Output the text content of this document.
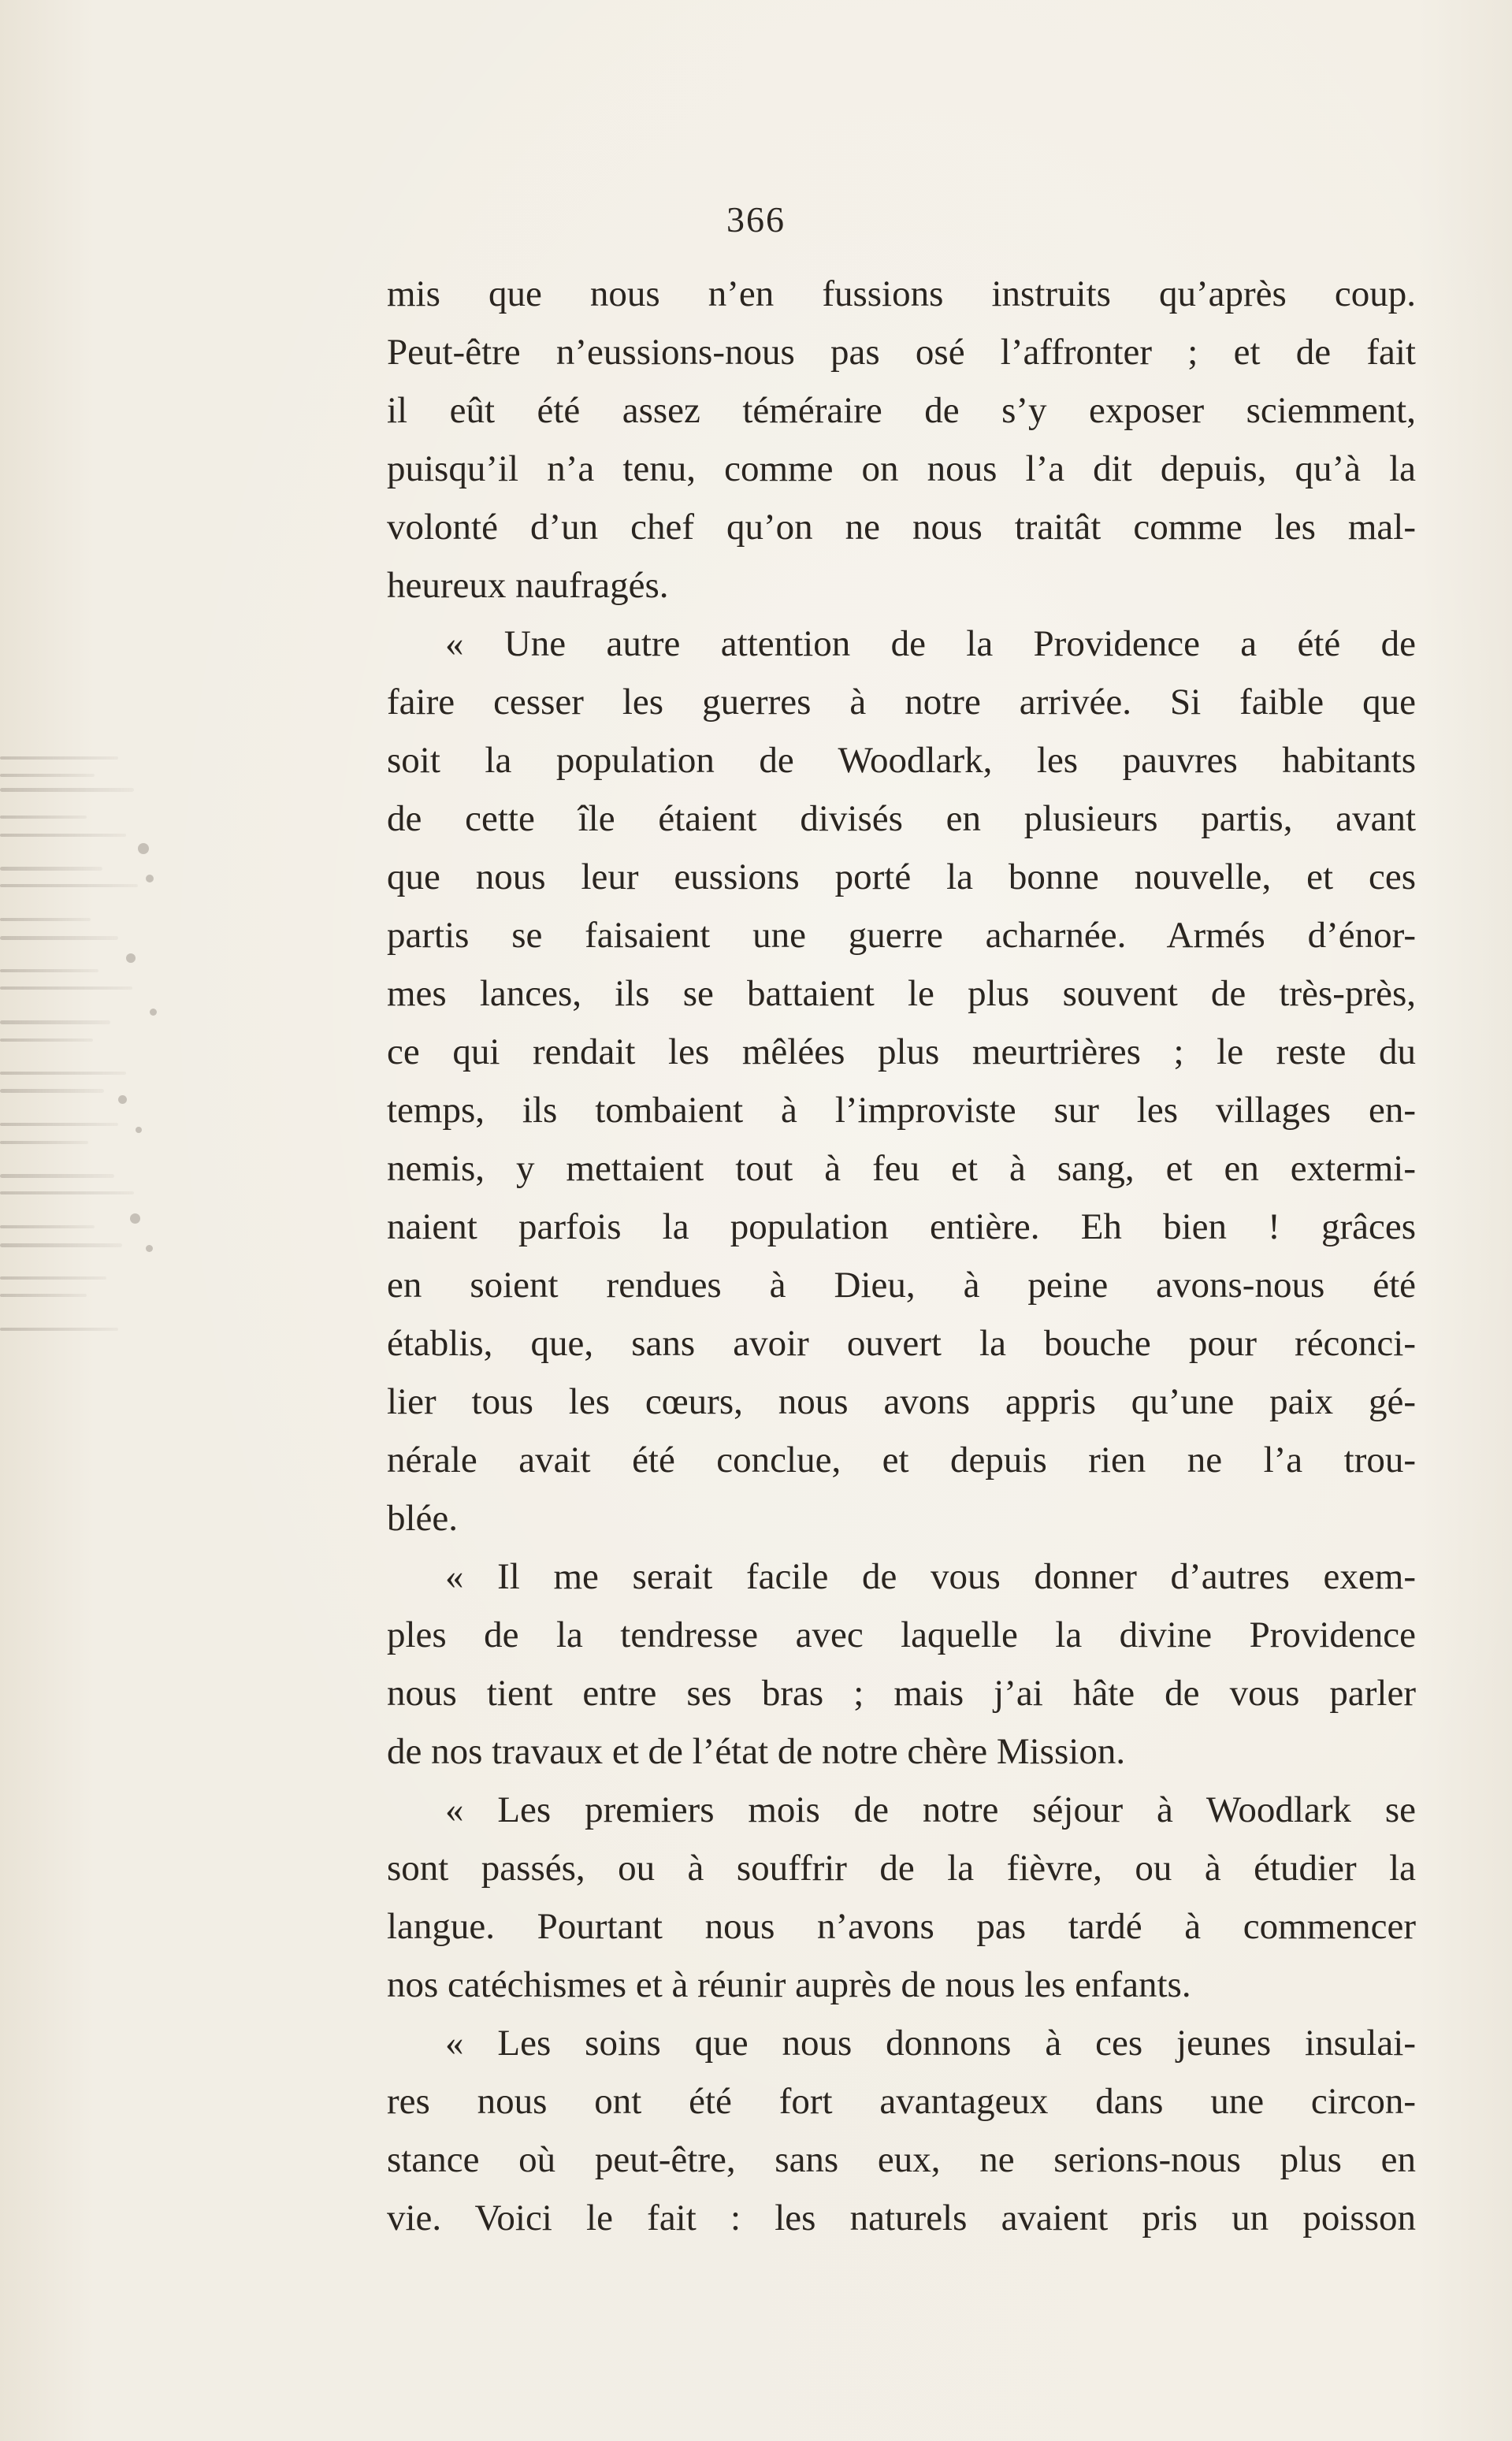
366
mis que nous n’en fussions instruits qu’après coup.
Peut-être n’eussions-nous pas osé l’affronter ; et de fait
il eût été assez téméraire de s’y exposer sciemment,
puisqu’il n’a tenu, comme on nous l’a dit depuis, qu’à la
volonté d’un chef qu’on ne nous traitât comme les mal-
heureux naufragés.
« Une autre attention de la Providence a été de
faire cesser les guerres à notre arrivée. Si faible que
soit la population de Woodlark, les pauvres habitants
de cette île étaient divisés en plusieurs partis, avant
que nous leur eussions porté la bonne nouvelle, et ces
partis se faisaient une guerre acharnée. Armés d’énor-
mes lances, ils se battaient le plus souvent de très-près,
ce qui rendait les mêlées plus meurtrières ; le reste du
temps, ils tombaient à l’improviste sur les villages en-
nemis, y mettaient tout à feu et à sang, et en extermi-
naient parfois la population entière. Eh bien ! grâces
en soient rendues à Dieu, à peine avons-nous été
établis, que, sans avoir ouvert la bouche pour réconci-
lier tous les cœurs, nous avons appris qu’une paix gé-
nérale avait été conclue, et depuis rien ne l’a trou-
blée.
« Il me serait facile de vous donner d’autres exem-
ples de la tendresse avec laquelle la divine Providence
nous tient entre ses bras ; mais j’ai hâte de vous parler
de nos travaux et de l’état de notre chère Mission.
« Les premiers mois de notre séjour à Woodlark se
sont passés, ou à souffrir de la fièvre, ou à étudier la
langue. Pourtant nous n’avons pas tardé à commencer
nos catéchismes et à réunir auprès de nous les enfants.
« Les soins que nous donnons à ces jeunes insulai-
res nous ont été fort avantageux dans une circon-
stance où peut-être, sans eux, ne serions-nous plus en
vie. Voici le fait : les naturels avaient pris un poisson
